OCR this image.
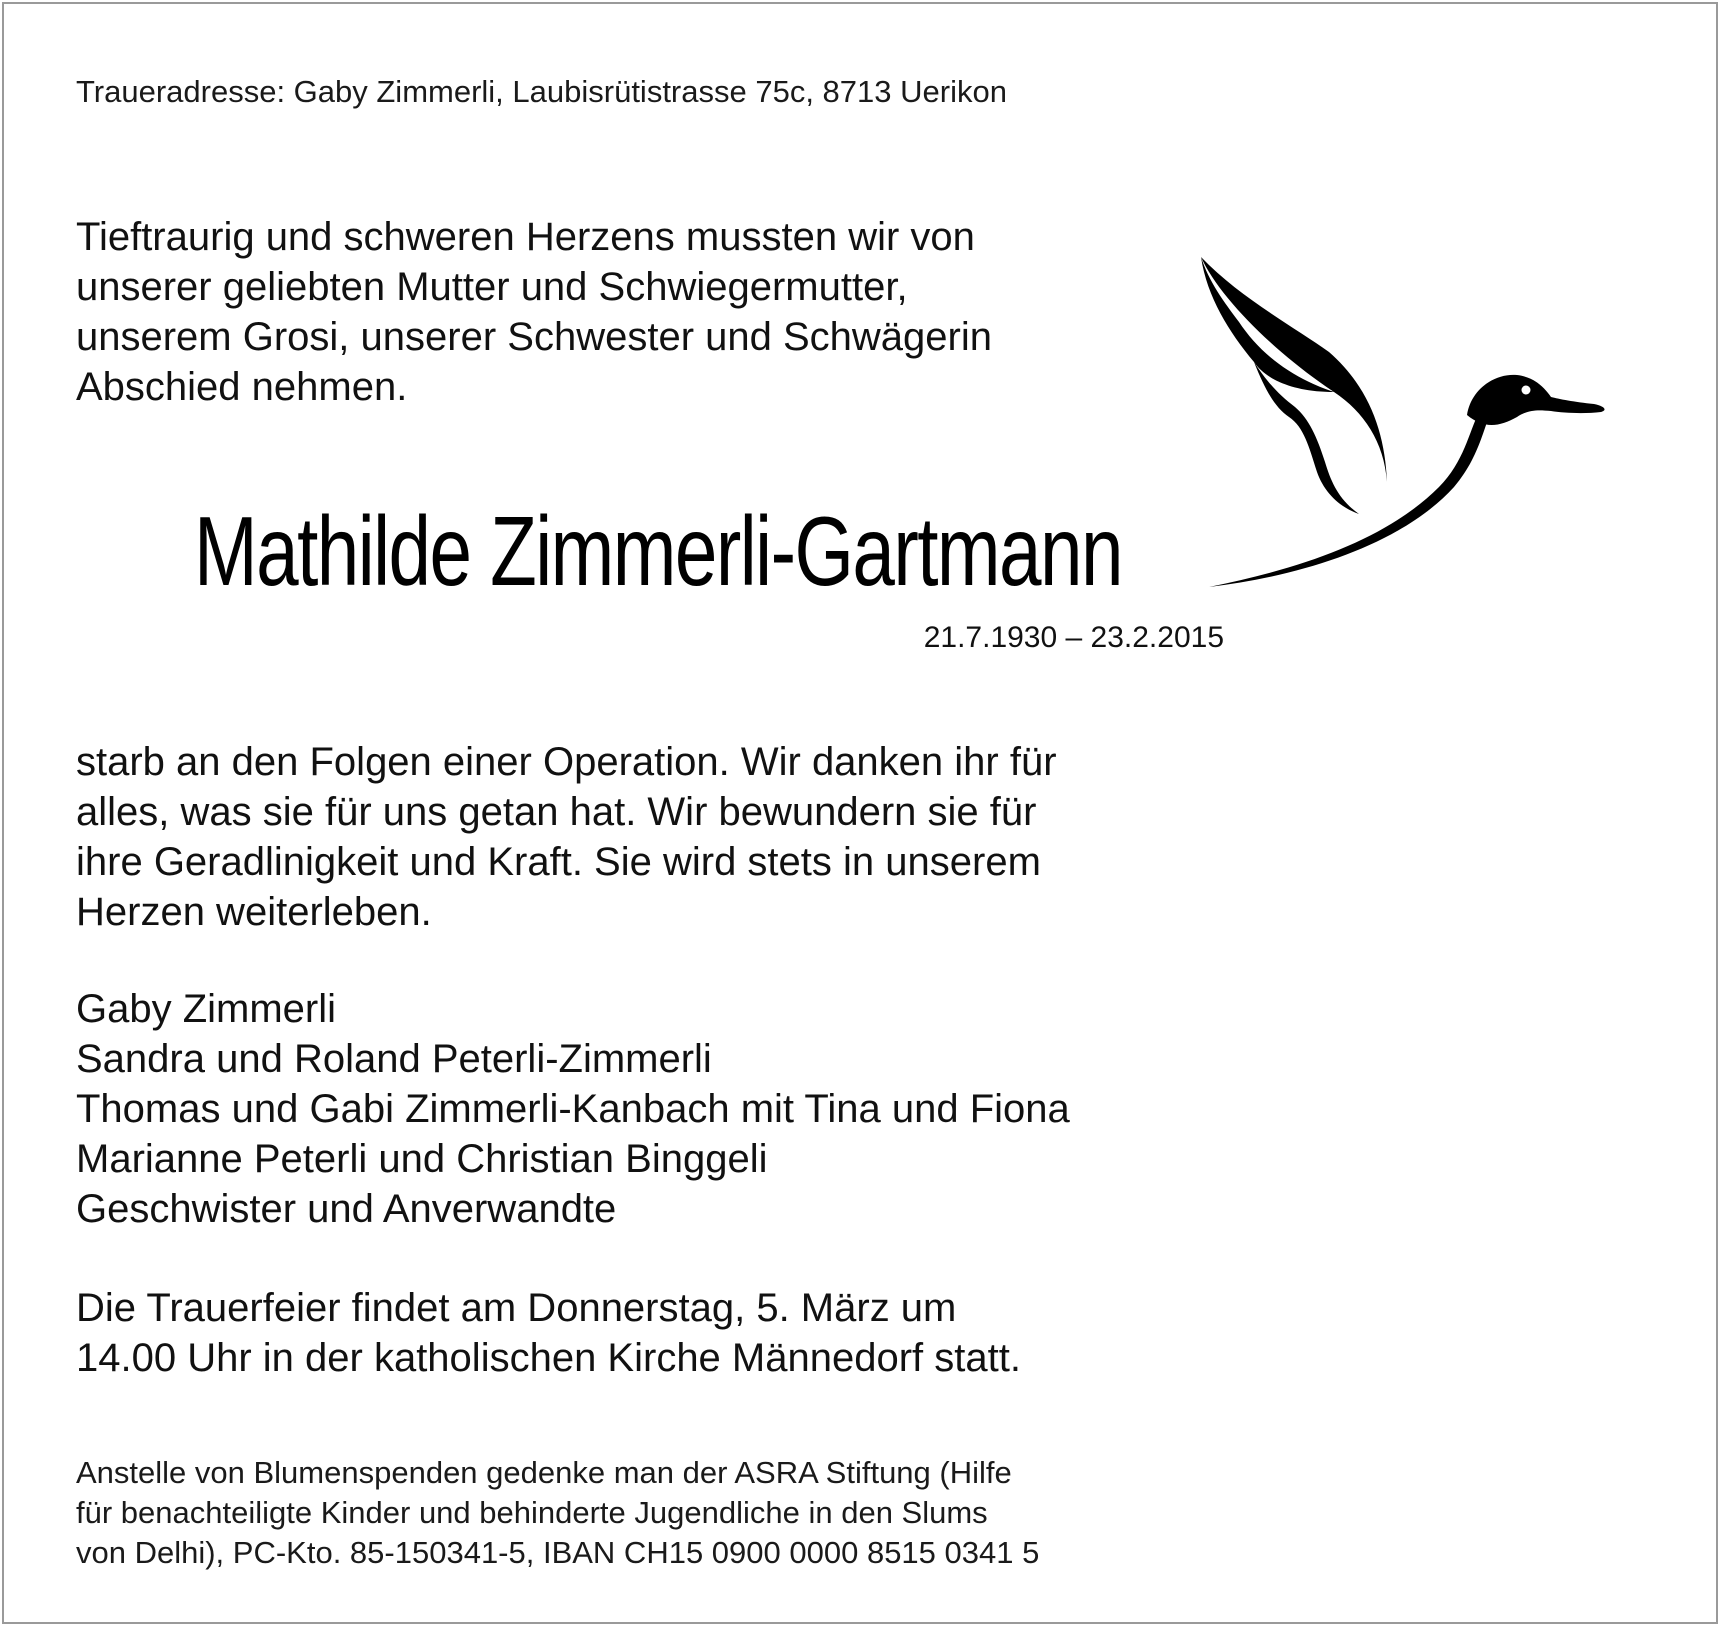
Traueradresse: Gaby Zimmerli, Laubisrütistrasse 75c, 8713 Uerikon
Tieftraurig und schweren Herzens mussten wir von
unserer geliebten Mutter und Schwiegermutter,
unserem Grosi, unserer Schwester und Schwägerin
Abschied nehmen.
Mathilde Zimmerli-Gartmann
21.7.1930 – 23.2.2015
starb an den Folgen einer Operation. Wir danken ihr für
alles, was sie für uns getan hat. Wir bewundern sie für
ihre Geradlinigkeit und Kraft. Sie wird stets in unserem
Herzen weiterleben.
Gaby Zimmerli
Sandra und Roland Peterli-Zimmerli
Thomas und Gabi Zimmerli-Kanbach mit Tina und Fiona
Marianne Peterli und Christian Binggeli
Geschwister und Anverwandte
Die Trauerfeier findet am Donnerstag, 5. März um
14.00 Uhr in der katholischen Kirche Männedorf statt.
Anstelle von Blumenspenden gedenke man der ASRA Stiftung (Hilfe
für benachteiligte Kinder und behinderte Jugendliche in den Slums
von Delhi), PC-Kto. 85-150341-5, IBAN CH15 0900 0000 8515 0341 5
